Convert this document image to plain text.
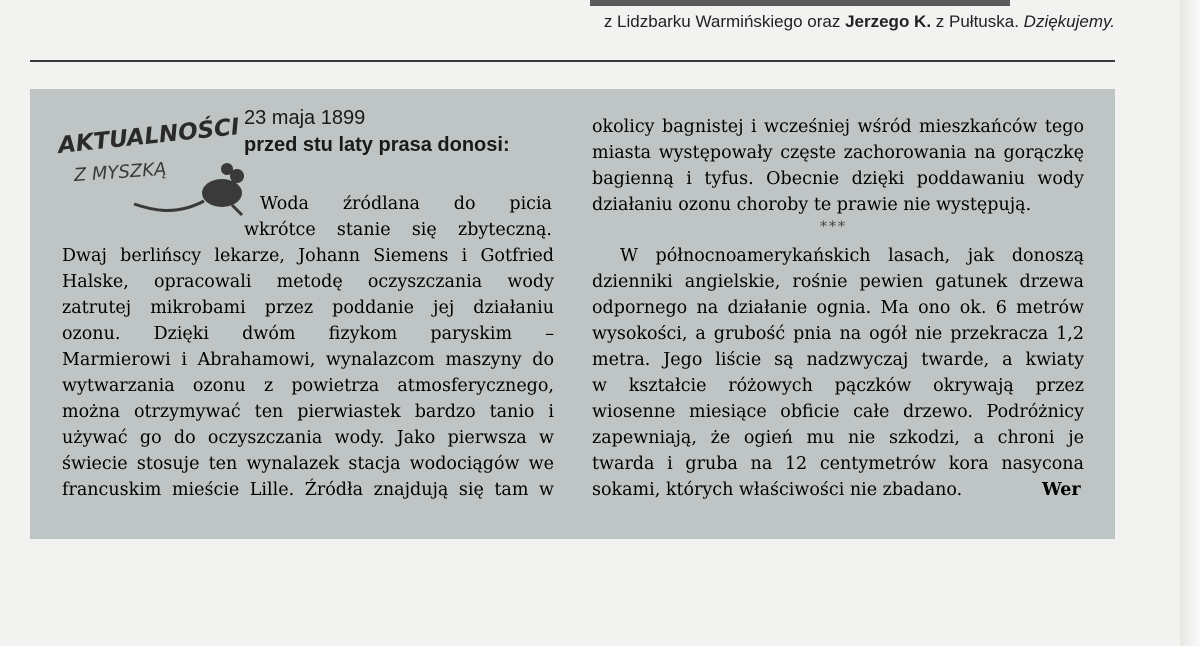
z Lidzbarku Warmińskiego oraz Jerzego K. z Pułtuska. Dziękujemy.
AKTUALNOŚCI
Z MYSZKĄ
23 maja 1899
przed stu laty prasa donosi:
Woda źródlana do picia
wkrótce stanie się zbyteczną.
Dwaj berlińscy lekarze, Johann Siemens i Gotfried
Halske, opracowali metodę oczyszczania wody
zatrutej mikrobami przez poddanie jej działaniu
ozonu. Dzięki dwóm fizykom paryskim –
Marmierowi i Abrahamowi, wynalazcom maszyny do
wytwarzania ozonu z powietrza atmosferycznego,
można otrzymywać ten pierwiastek bardzo tanio i
używać go do oczyszczania wody. Jako pierwsza w
świecie stosuje ten wynalazek stacja wodociągów we
francuskim mieście Lille. Źródła znajdują się tam w
okolicy bagnistej i wcześniej wśród mieszkańców tego
miasta występowały częste zachorowania na gorączkę
bagienną i tyfus. Obecnie dzięki poddawaniu wody
działaniu ozonu choroby te prawie nie występują.
***
W północnoamerykańskich lasach, jak donoszą
dzienniki angielskie, rośnie pewien gatunek drzewa
odpornego na działanie ognia. Ma ono ok. 6 metrów
wysokości, a grubość pnia na ogół nie przekracza 1,2
metra. Jego liście są nadzwyczaj twarde, a kwiaty
w kształcie różowych pączków okrywają przez
wiosenne miesiące obficie całe drzewo. Podróżnicy
zapewniają, że ogień mu nie szkodzi, a chroni je
twarda i gruba na 12 centymetrów kora nasycona
sokami, których właściwości nie zbadano.	Wer
